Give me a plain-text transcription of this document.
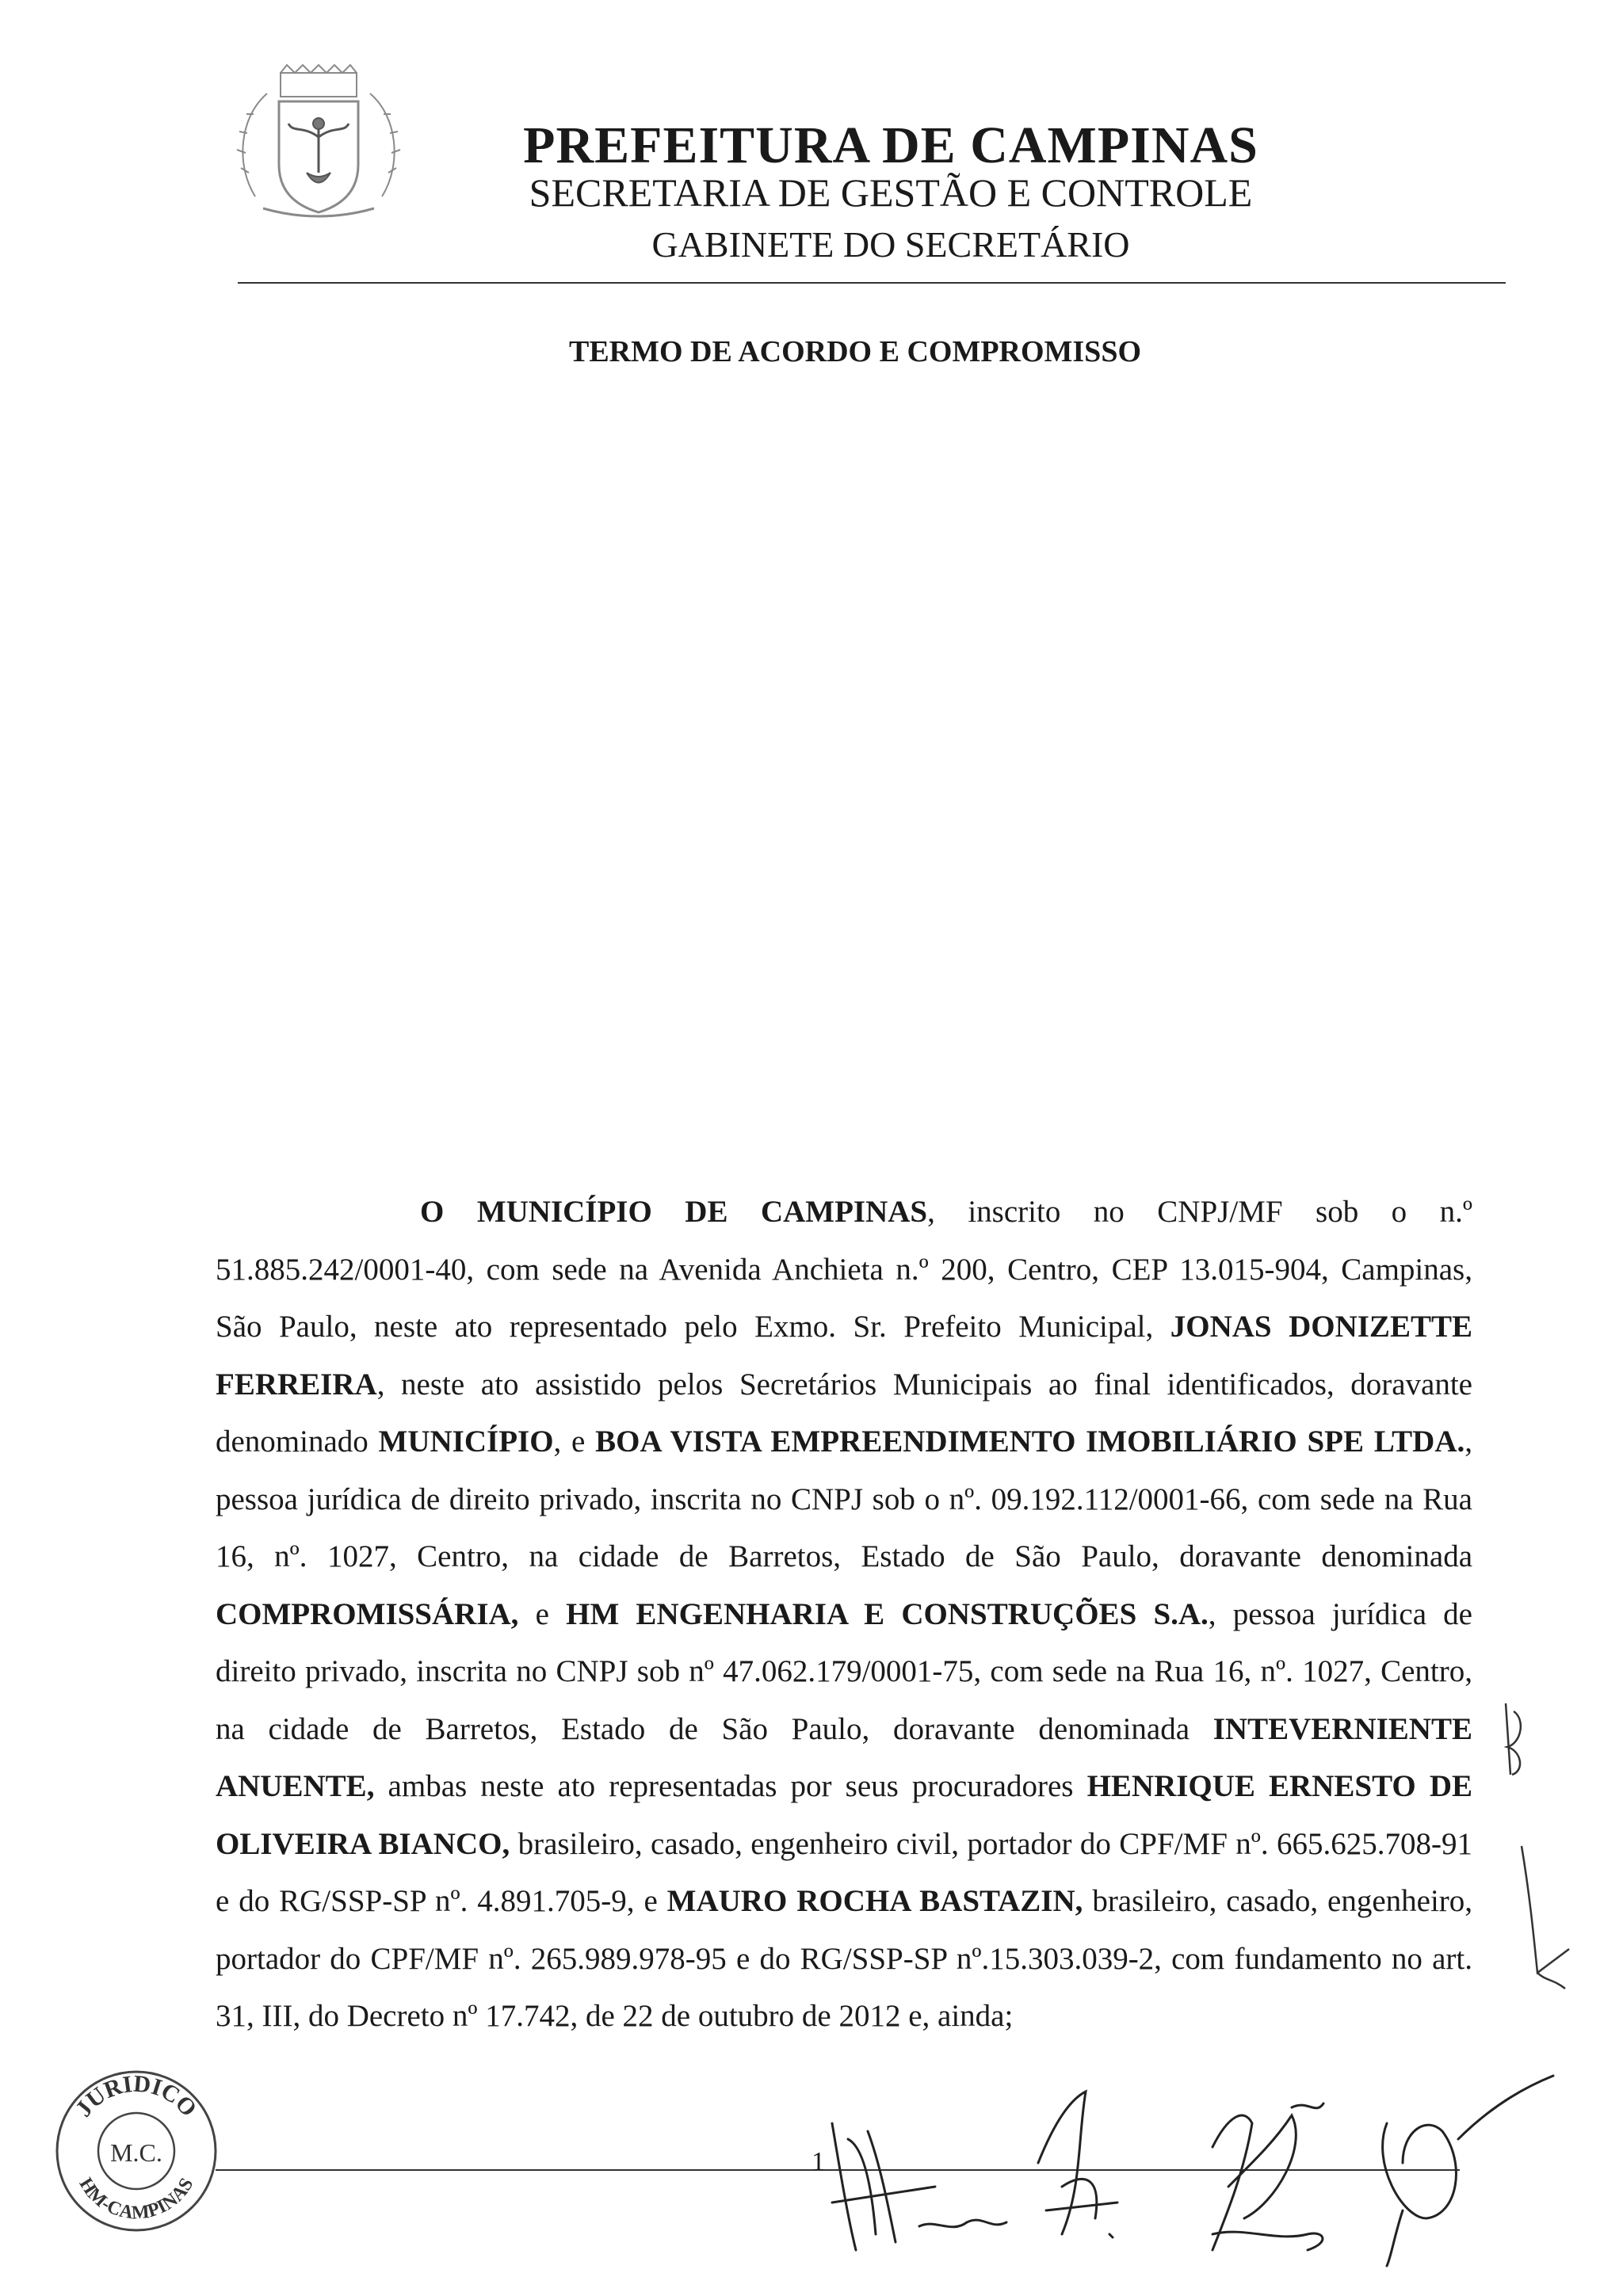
PREFEITURA DE CAMPINAS
SECRETARIA DE GESTÃO E CONTROLE
GABINETE DO SECRETÁRIO
TERMO DE ACORDO E COMPROMISSO

O MUNICÍPIO DE CAMPINAS, inscrito no CNPJ/MF sob o n.º 51.885.242/0001-40, com sede na Avenida Anchieta n.º 200, Centro, CEP 13.015-904, Campinas, São Paulo, neste ato representado pelo Exmo. Sr. Prefeito Municipal, JONAS DONIZETTE FERREIRA, neste ato assistido pelos Secretários Municipais ao final identificados, doravante denominado MUNICÍPIO, e BOA VISTA EMPREENDIMENTO IMOBILIÁRIO SPE LTDA., pessoa jurídica de direito privado, inscrita no CNPJ sob o nº. 09.192.112/0001-66, com sede na Rua 16, nº. 1027, Centro, na cidade de Barretos, Estado de São Paulo, doravante denominada COMPROMISSÁRIA, e HM ENGENHARIA E CONSTRUÇÕES S.A., pessoa jurídica de direito privado, inscrita no CNPJ sob nº 47.062.179/0001-75, com sede na Rua 16, nº. 1027, Centro, na cidade de Barretos, Estado de São Paulo, doravante denominada INTEVERNIENTE ANUENTE, ambas neste ato representadas por seus procuradores HENRIQUE ERNESTO DE OLIVEIRA BIANCO, brasileiro, casado, engenheiro civil, portador do CPF/MF nº. 665.625.708-91 e do RG/SSP-SP nº. 4.891.705-9, e MAURO ROCHA BASTAZIN, brasileiro, casado, engenheiro, portador do CPF/MF nº. 265.989.978-95 e do RG/SSP-SP nº.15.303.039-2, com fundamento no art. 31, III, do Decreto nº 17.742, de 22 de outubro de 2012 e, ainda;

JURIDICO
M.C.
HM-CAMPINAS
1
